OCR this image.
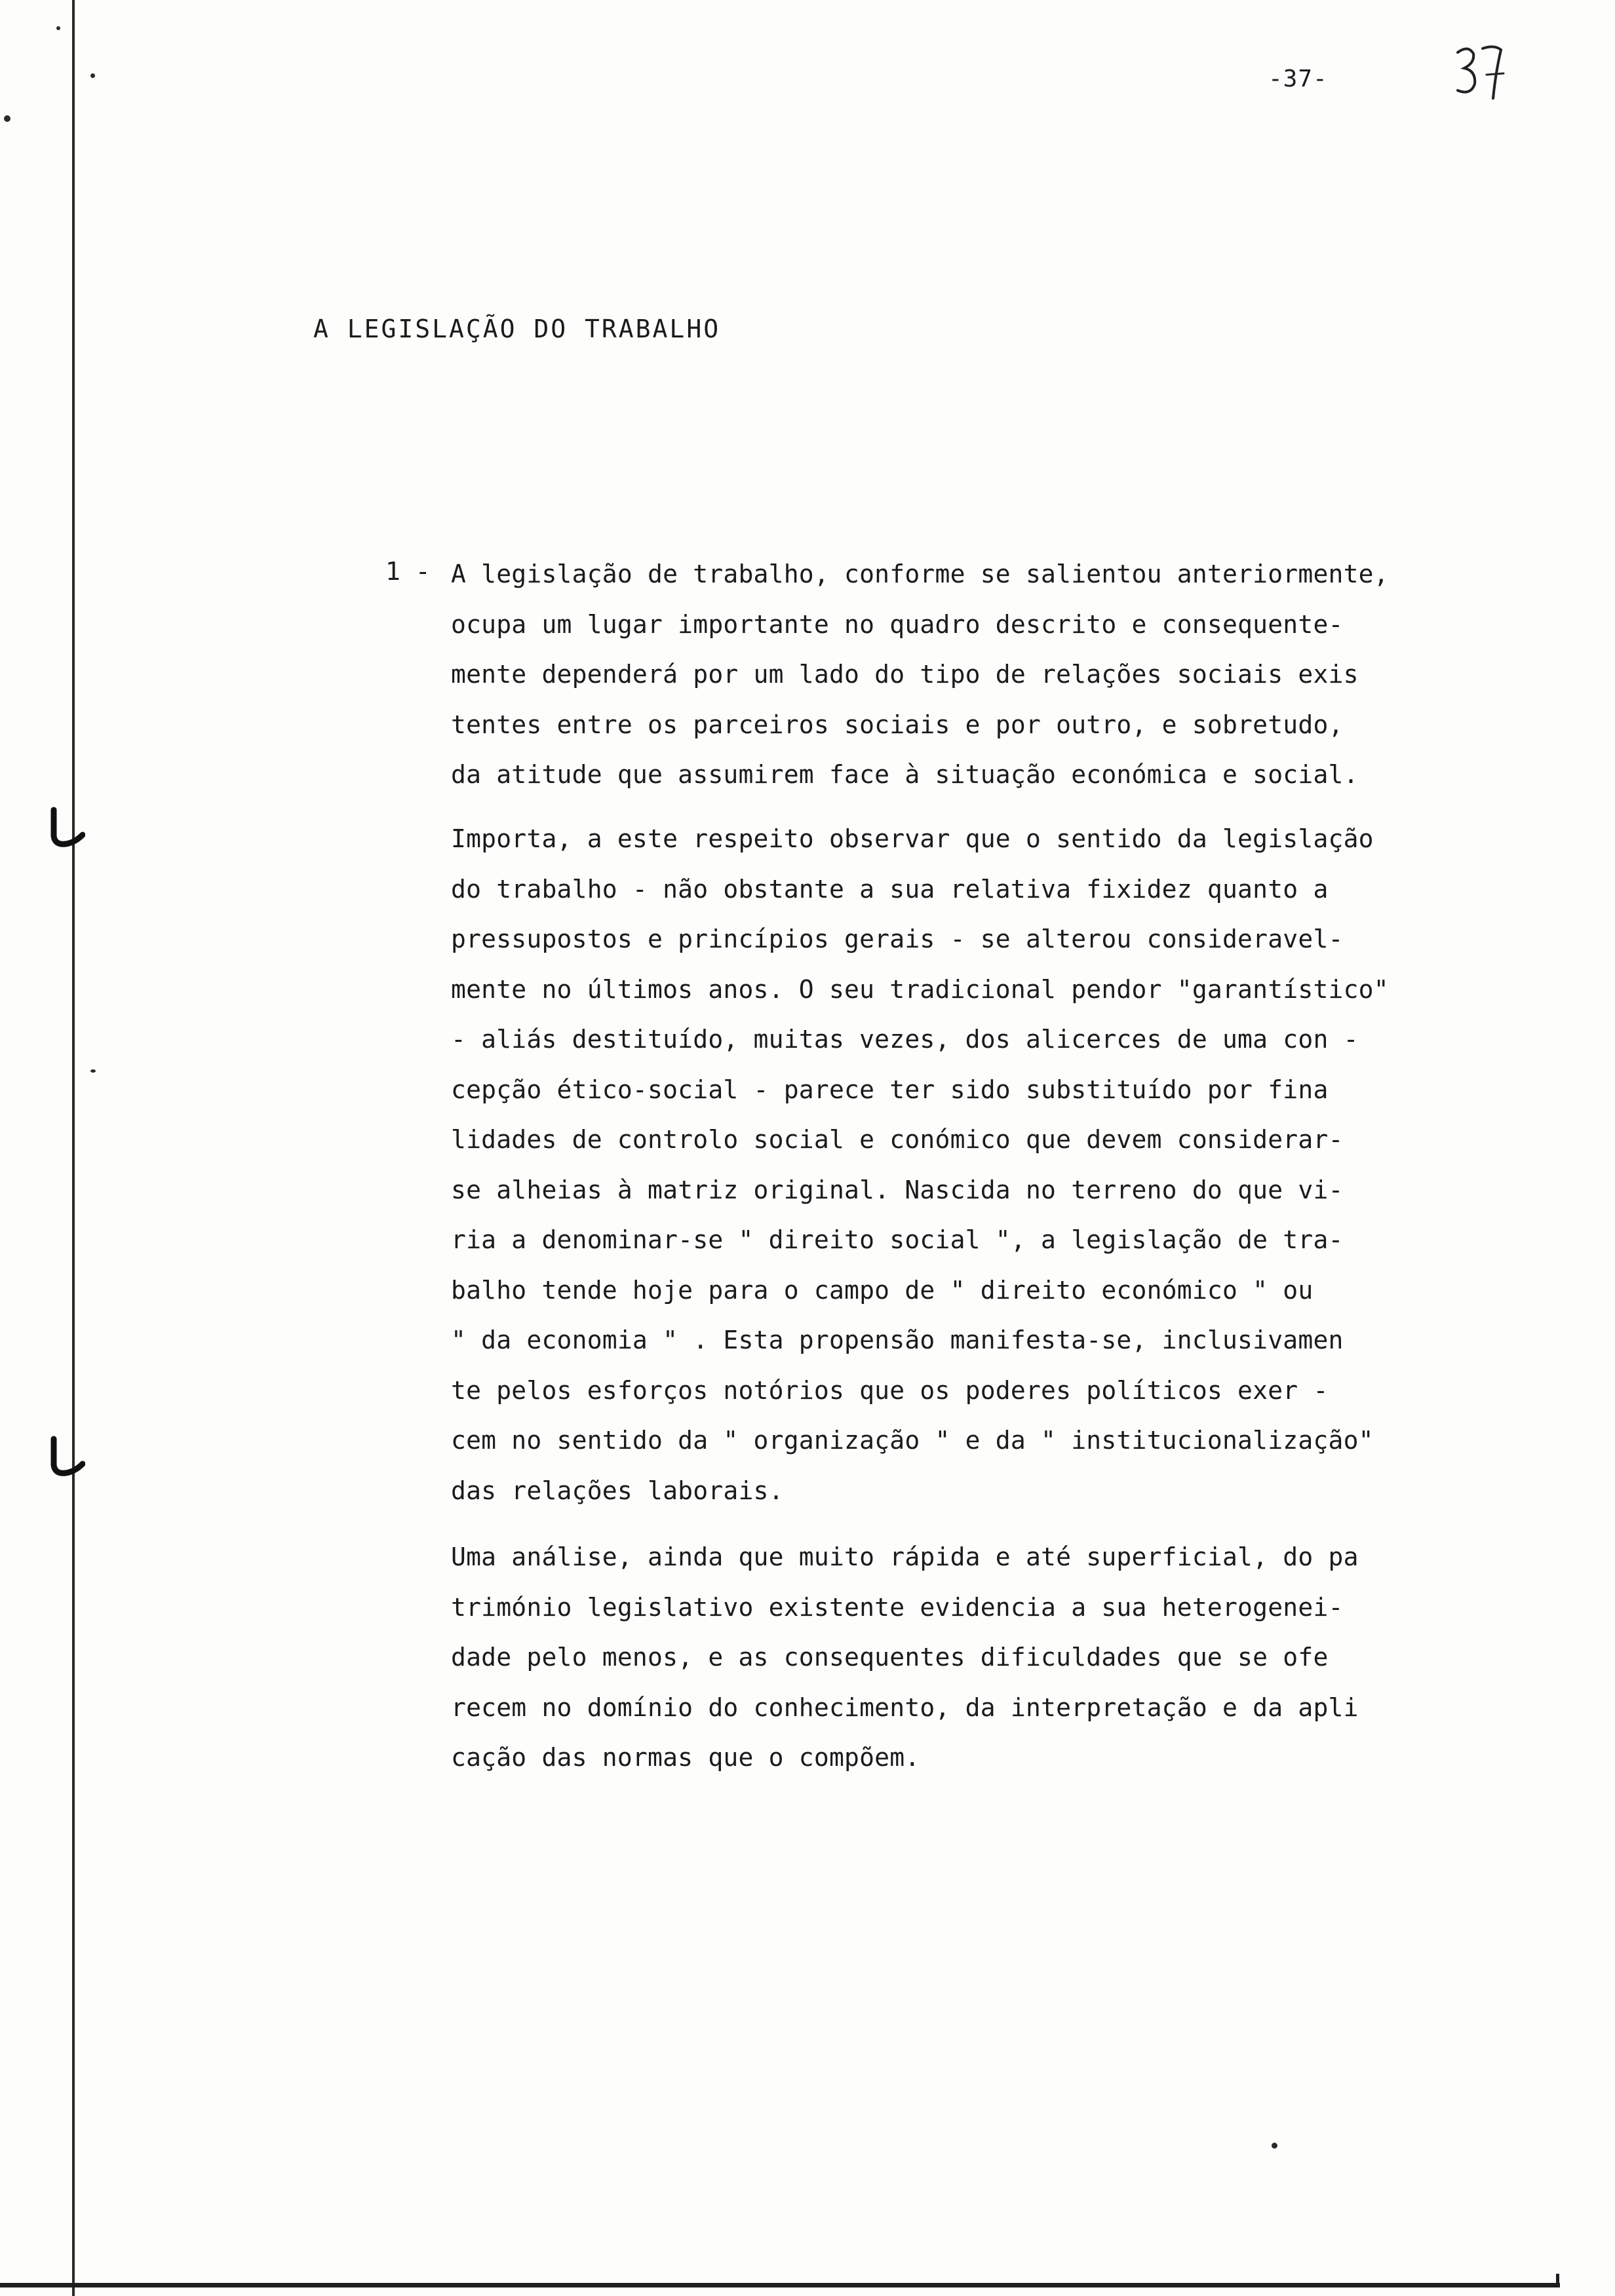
-37-
A LEGISLAÇÃO DO TRABALHO
1 - A legislação de trabalho, conforme se salientou anteriormente,
ocupa um lugar importante no quadro descrito e consequente-
mente dependerá por um lado do tipo de relações sociais exis
tentes entre os parceiros sociais e por outro, e sobretudo,
da atitude que assumirem face à situação económica e social.
Importa, a este respeito observar que o sentido da legislação
do trabalho - não obstante a sua relativa fixidez quanto a
pressupostos e princípios gerais - se alterou consideravel-
mente no últimos anos. O seu tradicional pendor "garantístico"
- aliás destituído, muitas vezes, dos alicerces de uma con -
cepção ético-social - parece ter sido substituído por fina
lidades de controlo social e conómico que devem considerar-
se alheias à matriz original. Nascida no terreno do que vi-
ria a denominar-se " direito social ", a legislação de tra-
balho tende hoje para o campo de " direito económico " ou
" da economia " . Esta propensão manifesta-se, inclusivamen
te pelos esforços notórios que os poderes políticos exer -
cem no sentido da " organização " e da " institucionalização"
das relações laborais.
Uma análise, ainda que muito rápida e até superficial, do pa
trimónio legislativo existente evidencia a sua heterogenei-
dade pelo menos, e as consequentes dificuldades que se ofe
recem no domínio do conhecimento, da interpretação e da apli
cação das normas que o compõem.
